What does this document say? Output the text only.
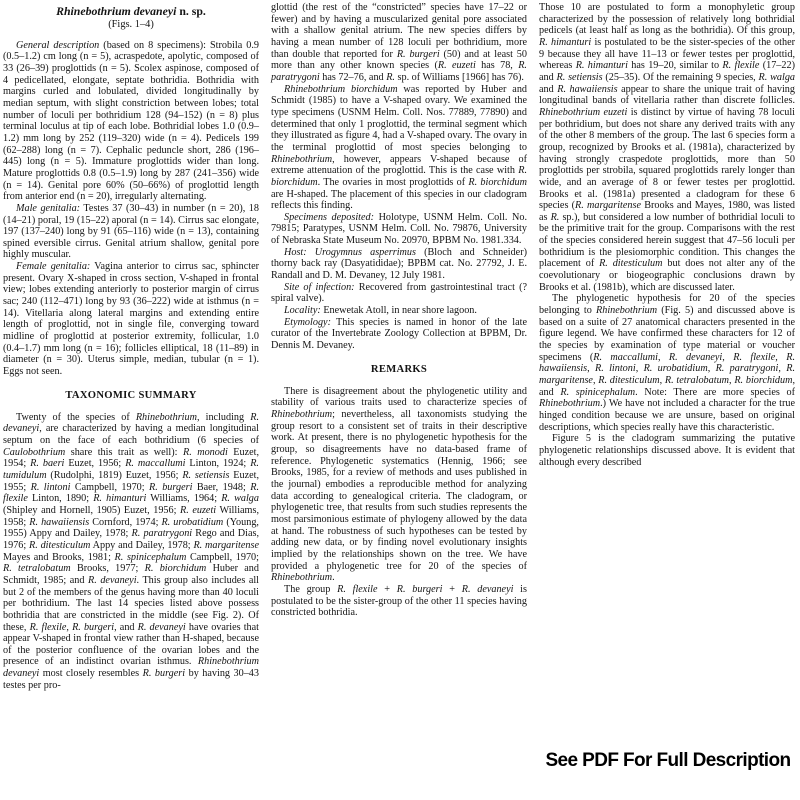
Rhinebothrium devaneyi n. sp.
(Figs. 1–4)

General description (based on 8 specimens): Strobila 0.9 (0.5–1.2) cm long (n = 5), acraspedote, apolytic, composed of 33 (26–39) proglottids (n = 5). Scolex aspinose, composed of 4 pedicellated, elongate, septate bothridia. Bothridia with margins curled and lobulated, divided longitudinally by median septum, with slight constriction between lobes; total number of loculi per bothridium 128 (94–152) (n = 8) plus terminal loculus at tip of each lobe. Bothridial lobes 1.0 (0.9–1.2) mm long by 252 (119–320) wide (n = 4). Pedicels 199 (62–288) long (n = 7). Cephalic peduncle short, 286 (196–445) long (n = 5). Immature proglottids wider than long. Mature proglottids 0.8 (0.5–1.9) long by 287 (241–356) wide (n = 14). Genital pore 60% (50–66%) of proglottid length from anterior end (n = 20), irregularly alternating.

Male genitalia: Testes 37 (30–43) in number (n = 20), 18 (14–21) poral, 19 (15–22) aporal (n = 14). Cirrus sac elongate, 197 (137–240) long by 91 (65–116) wide (n = 13), containing spined eversible cirrus. Genital atrium shallow, genital pore highly muscular.

Female genitalia: Vagina anterior to cirrus sac, sphincter present. Ovary X-shaped in cross section, V-shaped in frontal view; lobes extending anteriorly to posterior margin of cirrus sac; 240 (112–471) long by 93 (36–222) wide at isthmus (n = 14). Vitellaria along lateral margins and extending entire length of proglottid, not in single file, converging toward midline of proglottid at posterior extremity, follicular, 1.0 (0.4–1.7) mm long (n = 16); follicles elliptical, 18 (11–89) in diameter (n = 30). Uterus simple, median, tubular (n = 1). Eggs not seen.

TAXONOMIC SUMMARY

Twenty of the species of Rhinebothrium, including R. devaneyi, are characterized by having a median longitudinal septum on the face of each bothridium (6 species of Caulobothrium share this trait as well): R. monodi Euzet, 1954; R. baeri Euzet, 1956; R. maccallumi Linton, 1924; R. tumidulum (Rudolphi, 1819) Euzet, 1956; R. setiensis Euzet, 1955; R. lintoni Campbell, 1970; R. burgeri Baer, 1948; R. flexile Linton, 1890; R. himanturi Williams, 1964; R. walga (Shipley and Hornell, 1905) Euzet, 1956; R. euzeti Williams, 1958; R. hawaiiensis Cornford, 1974; R. urobatidium (Young, 1955) Appy and Dailey, 1978; R. paratrygoni Rego and Dias, 1976; R. ditesticulum Appy and Dailey, 1978; R. margaritense Mayes and Brooks, 1981; R. spinicephalum Campbell, 1970; R. tetralobatum Brooks, 1977; R. biorchidum Huber and Schmidt, 1985; and R. devaneyi. This group also includes all but 2 of the members of the genus having more than 40 loculi per bothridium. The last 14 species listed above possess bothridia that are constricted in the middle (see Fig. 2). Of these, R. flexile, R. burgeri, and R. devaneyi have ovaries that appear V-shaped in frontal view rather than H-shaped, because of the posterior confluence of the ovarian lobes and the presence of an indistinct ovarian isthmus. Rhinebothrium devaneyi most closely resembles R. burgeri by having 30–43 testes per pro-

glottid (the rest of the “constricted” species have 17–22 or fewer) and by having a muscularized genital pore associated with a shallow genital atrium. The new species differs by having a mean number of 128 loculi per bothridium, more than double that reported for R. burgeri (50) and at least 50 more than any other known species (R. euzeti has 78, R. paratrygoni has 72–76, and R. sp. of Williams [1966] has 76).

Rhinebothrium biorchidum was reported by Huber and Schmidt (1985) to have a V-shaped ovary. We examined the type specimens (USNM Helm. Coll. Nos. 77889, 77890) and determined that only 1 proglottid, the terminal segment which they illustrated as figure 4, had a V-shaped ovary. The ovary in the terminal proglottid of most species belonging to Rhinebothrium, however, appears V-shaped because of extreme attenuation of the proglottid. This is the case with R. biorchidum. The ovaries in most proglottids of R. biorchidum are H-shaped. The placement of this species in our cladogram reflects this finding.

Specimens deposited: Holotype, USNM Helm. Coll. No. 79815; Paratypes, USNM Helm. Coll. No. 79876, University of Nebraska State Museum No. 20970, BPBM No. 1981.334.

Host: Urogymnus asperrimus (Bloch and Schneider) thorny back ray (Dasyatididae); BPBM cat. No. 27792, J. E. Randall and D. M. Devaney, 12 July 1981.

Site of infection: Recovered from gastrointestinal tract (?spiral valve).

Locality: Enewetak Atoll, in near shore lagoon.

Etymology: This species is named in honor of the late curator of the Invertebrate Zoology Collection at BPBM, Dr. Dennis M. Devaney.

REMARKS

There is disagreement about the phylogenetic utility and stability of various traits used to characterize species of Rhinebothrium; nevertheless, all taxonomists studying the group resort to a consistent set of traits in their descriptive work. At present, there is no phylogenetic hypothesis for the group, so disagreements have no data-based frame of reference. Phylogenetic systematics (Hennig, 1966; see Brooks, 1985, for a review of methods and uses published in the journal) embodies a reproducible method for analyzing data according to genealogical criteria. The cladogram, or phylogenetic tree, that results from such studies represents the most parsimonious estimate of phylogeny allowed by the data at hand. The robustness of such hypotheses can be tested by adding new data, or by finding novel evolutionary insights implied by the relationships shown on the tree. We have provided a phylogenetic tree for 20 of the species of Rhinebothrium.

The group R. flexile + R. burgeri + R. devaneyi is postulated to be the sister-group of the other 11 species having constricted bothridia.

Those 10 are postulated to form a monophyletic group characterized by the possession of relatively long bothridial pedicels (at least half as long as the bothridia). Of this group, R. himanturi is postulated to be the sister-species of the other 9 because they all have 11–13 or fewer testes per proglottid, whereas R. himanturi has 19–20, similar to R. flexile (17–22) and R. setiensis (25–35). Of the remaining 9 species, R. walga and R. hawaiiensis appear to share the unique trait of having longitudinal bands of vitellaria rather than discrete follicles. Rhinebothrium euzeti is distinct by virtue of having 78 loculi per bothridium, but does not share any derived traits with any of the other 8 members of the group. The last 6 species form a group, recognized by Brooks et al. (1981a), characterized by having strongly craspedote proglottids, more than 50 proglottids per strobila, squared proglottids rarely longer than wide, and an average of 8 or fewer testes per proglottid. Brooks et al. (1981a) presented a cladogram for these 6 species (R. margaritense Brooks and Mayes, 1980, was listed as R. sp.), but considered a low number of bothridial loculi to be the primitive trait for the group. Comparisons with the rest of the species considered herein suggest that 47–56 loculi per bothridium is the plesiomorphic condition. This changes the placement of R. ditesticulum but does not alter any of the coevolutionary or biogeographic conclusions drawn by Brooks et al. (1981b), which are discussed later.

The phylogenetic hypothesis for 20 of the species belonging to Rhinebothrium (Fig. 5) and discussed above is based on a suite of 27 anatomical characters presented in the figure legend. We have confirmed these characters for 12 of the species by examination of type material or voucher specimens (R. maccallumi, R. devaneyi, R. flexile, R. hawaiiensis, R. lintoni, R. urobatidium, R. paratrygoni, R. margaritense, R. ditesticulum, R. tetralobatum, R. biorchidum, and R. spinicephalum. Note: There are more species of Rhinebothrium.) We have not included a character for the true hinged condition because we are unsure, based on original descriptions, which species really have this characteristic.

Figure 5 is the cladogram summarizing the putative phylogenetic relationships discussed above. It is evident that although every described

See PDF For Full Description
